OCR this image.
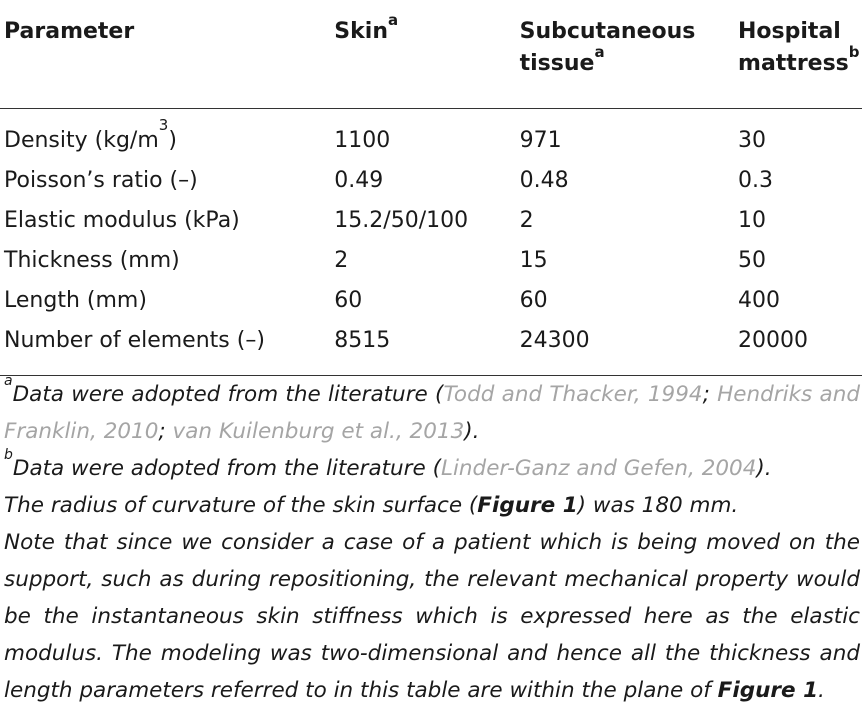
Parameter	Skin$^a$	Subcutaneous tissue$^a$	Hospital mattress$^b$
Density $(kg/m^3)$	1100	971	30
Poisson’s ratio (–)	0.49	0.48	0.3
Elastic modulus (kPa)	15.2/50/100	2	10
Thickness (mm)	2	15	50
Length (mm)	60	60	400
Number of elements (–)	8515	24300	20000

$^a$Data were adopted from the literature (Todd and Thacker, 1994; Hendriks and Franklin, 2010; van Kuilenburg et al., 2013).

$^b$Data were adopted from the literature (Linder-Ganz and Gefen, 2004).

The radius of curvature of the skin surface (Figure 1) was 180 mm.

Note that since we consider a case of a patient which is being moved on the support, such as during repositioning, the relevant mechanical property would be the instantaneous skin stiffness which is expressed here as the elastic modulus. The modeling was two-dimensional and hence all the thickness and length parameters referred to in this table are within the plane of Figure 1.
